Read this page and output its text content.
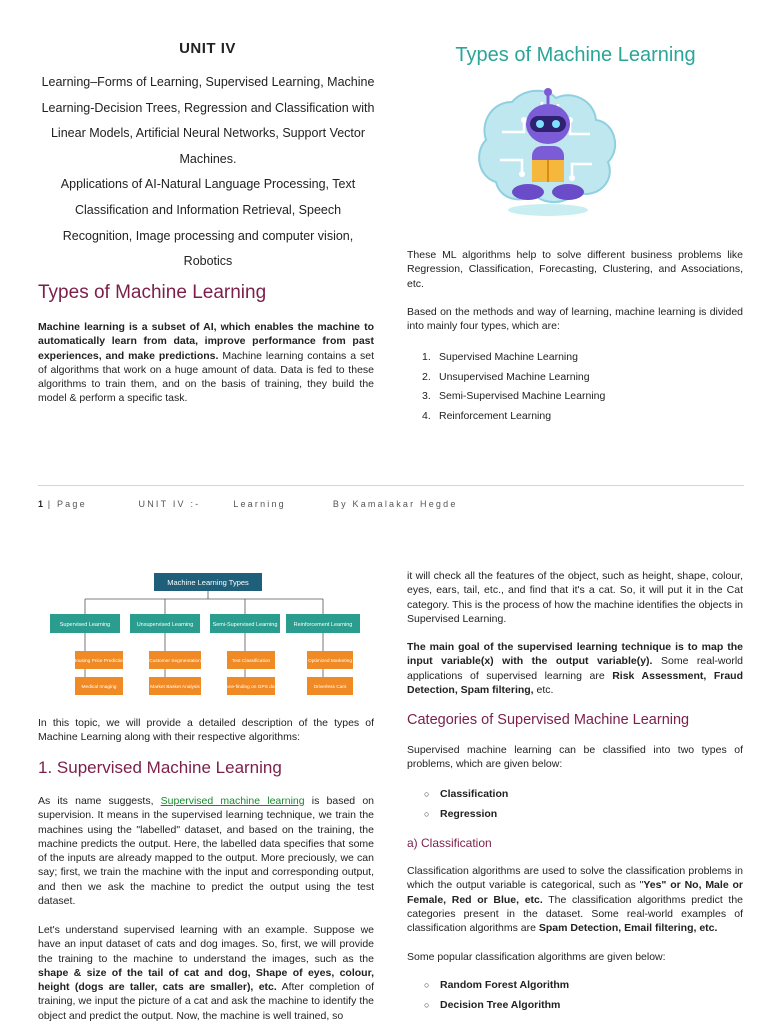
UNIT IV
Learning–Forms of Learning, Supervised Learning, Machine
Learning-Decision Trees, Regression and Classification with
Linear Models, Artificial Neural Networks, Support Vector
Machines.
Applications of AI-Natural Language Processing, Text
Classification and Information Retrieval, Speech
Recognition, Image processing and computer vision,
Robotics
Types of Machine Learning
Types of Machine Learning
Machine learning is a subset of AI, which enables the machine to automatically learn from data, improve performance from past experiences, and make predictions. Machine learning contains a set of algorithms that work on a huge amount of data. Data is fed to these algorithms to train them, and on the basis of training, they build the model & perform a specific task.
These ML algorithms help to solve different business problems like Regression, Classification, Forecasting, Clustering, and Associations, etc.
Based on the methods and way of learning, machine learning is divided into mainly four types, which are:
1. Supervised Machine Learning
2. Unsupervised Machine Learning
3. Semi-Supervised Machine Learning
4. Reinforcement Learning
1 | Page	UNIT IV :-	Learning	By Kamalakar Hegde
Machine Learning Types
Supervised Learning	Unsupervised Learning	Semi-Supervised Learning	Reinforcement Learning
Housing Price Prediction
Medical Imaging
Customer Segmentation
Market Basket Analysis
Text Classification
Lane-finding on GPS data
Optimized Marketing
Driverless Cars
In this topic, we will provide a detailed description of the types of Machine Learning along with their respective algorithms:
1. Supervised Machine Learning
As its name suggests, Supervised machine learning is based on supervision. It means in the supervised learning technique, we train the machines using the "labelled" dataset, and based on the training, the machine predicts the output. Here, the labelled data specifies that some of the inputs are already mapped to the output. More preciously, we can say; first, we train the machine with the input and corresponding output, and then we ask the machine to predict the output using the test dataset.
Let's understand supervised learning with an example. Suppose we have an input dataset of cats and dog images. So, first, we will provide the training to the machine to understand the images, such as the shape & size of the tail of cat and dog, Shape of eyes, colour, height (dogs are taller, cats are smaller), etc. After completion of training, we input the picture of a cat and ask the machine to identify the object and predict the output. Now, the machine is well trained, so
it will check all the features of the object, such as height, shape, colour, eyes, ears, tail, etc., and find that it's a cat. So, it will put it in the Cat category. This is the process of how the machine identifies the objects in Supervised Learning.
The main goal of the supervised learning technique is to map the input variable(x) with the output variable(y). Some real-world applications of supervised learning are Risk Assessment, Fraud Detection, Spam filtering, etc.
Categories of Supervised Machine Learning
Supervised machine learning can be classified into two types of problems, which are given below:
○ Classification
○ Regression
a) Classification
Classification algorithms are used to solve the classification problems in which the output variable is categorical, such as "Yes" or No, Male or Female, Red or Blue, etc. The classification algorithms predict the categories present in the dataset. Some real-world examples of classification algorithms are Spam Detection, Email filtering, etc.
Some popular classification algorithms are given below:
○ Random Forest Algorithm
○ Decision Tree Algorithm
